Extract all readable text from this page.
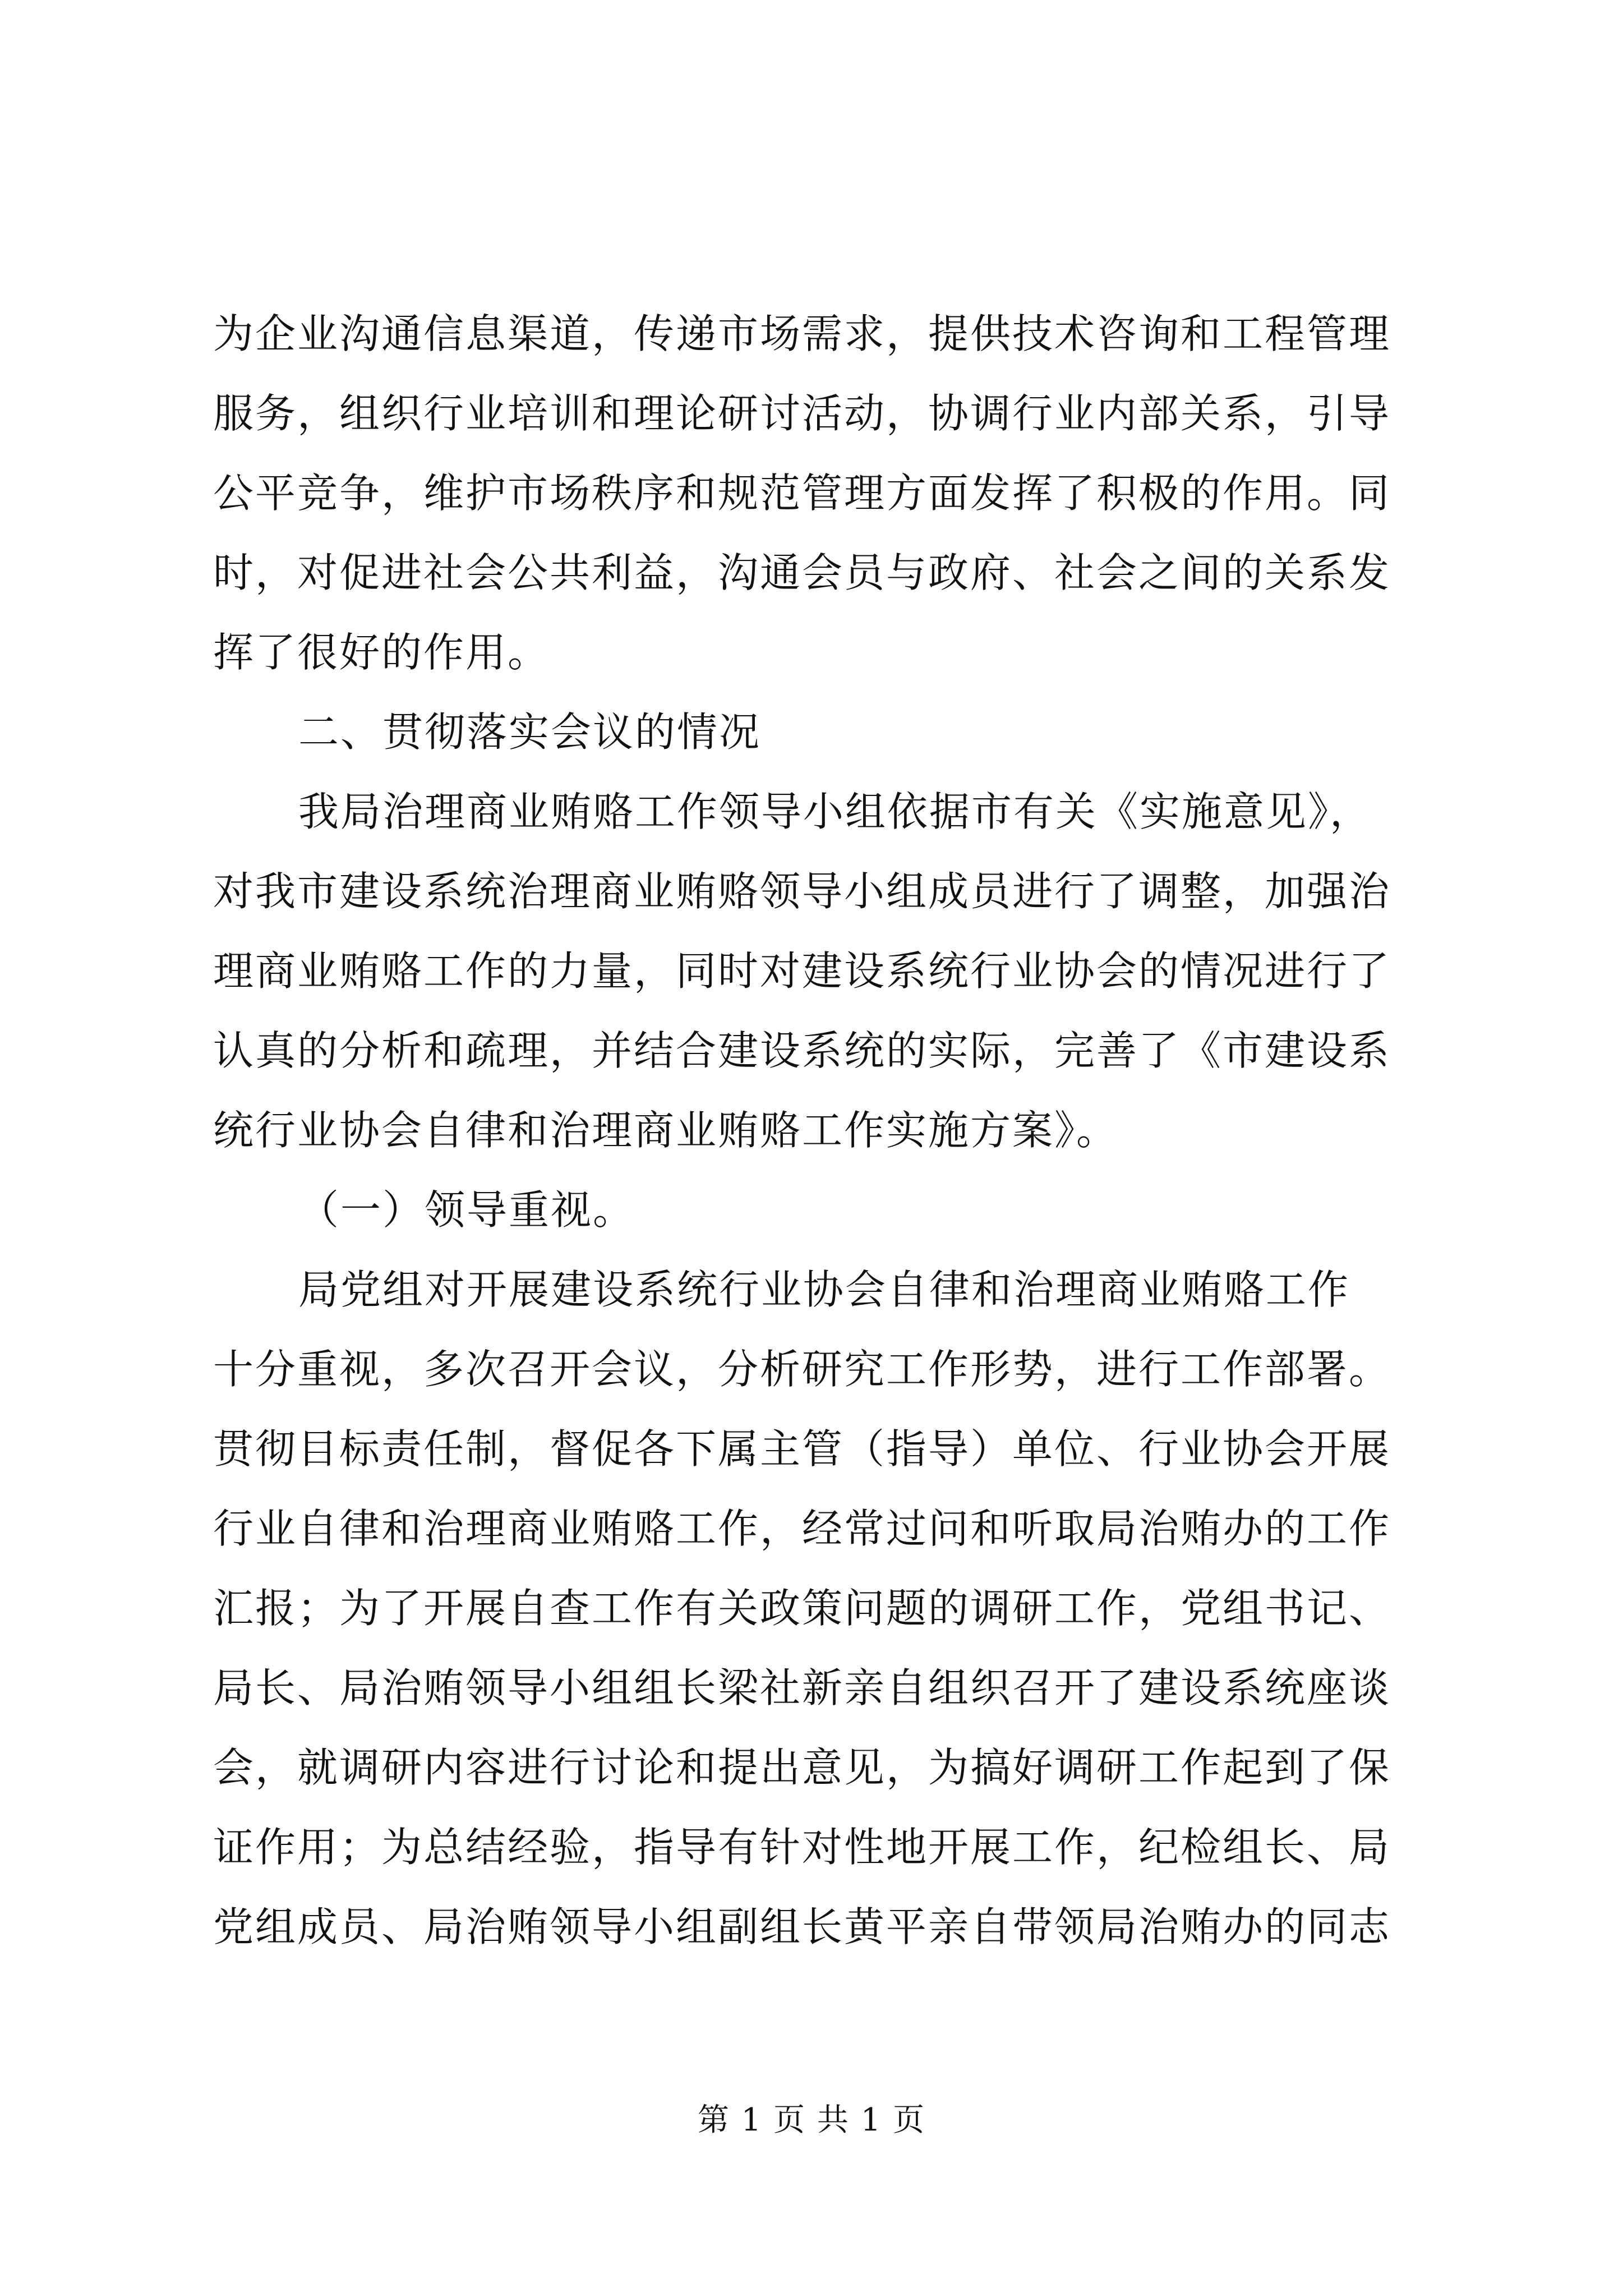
为企业沟通信息渠道，传递市场需求，提供技术咨询和工程管理
服务，组织行业培训和理论研讨活动，协调行业内部关系，引导
公平竞争，维护市场秩序和规范管理方面发挥了积极的作用。同
时，对促进社会公共利益，沟通会员与政府、社会之间的关系发
挥了很好的作用。
二、贯彻落实会议的情况
我局治理商业贿赂工作领导小组依据市有关《实施意见》，
对我市建设系统治理商业贿赂领导小组成员进行了调整，加强治
理商业贿赂工作的力量，同时对建设系统行业协会的情况进行了
认真的分析和疏理，并结合建设系统的实际，完善了《市建设系
统行业协会自律和治理商业贿赂工作实施方案》。
（一）领导重视。
局党组对开展建设系统行业协会自律和治理商业贿赂工作
十分重视，多次召开会议，分析研究工作形势，进行工作部署。
贯彻目标责任制，督促各下属主管（指导）单位、行业协会开展
行业自律和治理商业贿赂工作，经常过问和听取局治贿办的工作
汇报；为了开展自查工作有关政策问题的调研工作，党组书记、
局长、局治贿领导小组组长梁社新亲自组织召开了建设系统座谈
会，就调研内容进行讨论和提出意见，为搞好调研工作起到了保
证作用；为总结经验，指导有针对性地开展工作，纪检组长、局
党组成员、局治贿领导小组副组长黄平亲自带领局治贿办的同志
第 1 页 共 1 页
